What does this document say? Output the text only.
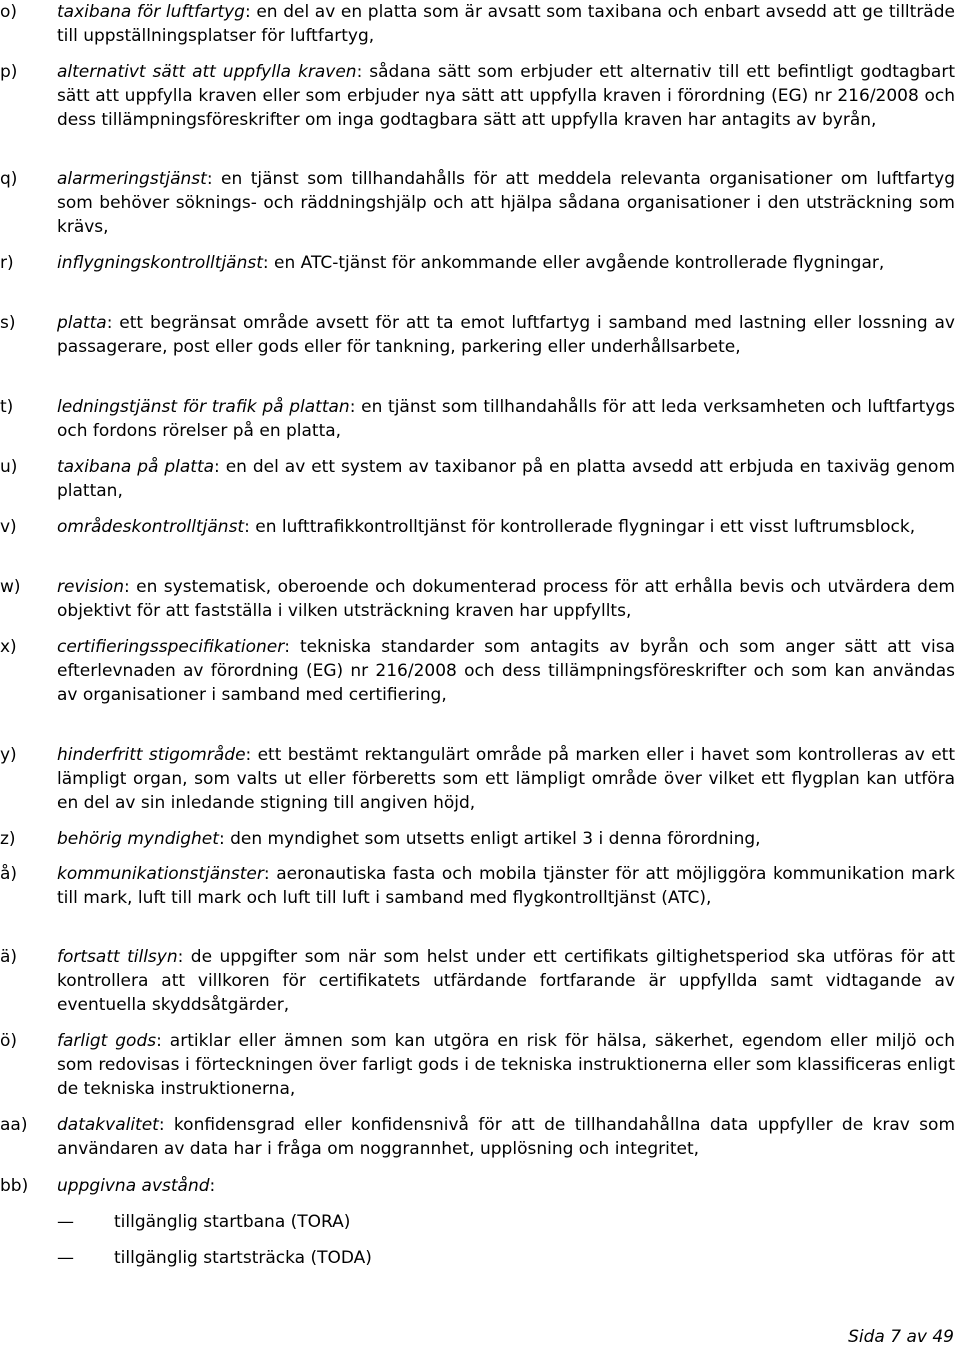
o) taxibana för luftfartyg: en del av en platta som är avsatt som taxibana och enbart avsedd att ge tillträde till uppställningsplatser för luftfartyg,
p) alternativt sätt att uppfylla kraven: sådana sätt som erbjuder ett alternativ till ett befintligt godtagbart sätt att uppfylla kraven eller som erbjuder nya sätt att uppfylla kraven i förordning (EG) nr 216/2008 och dess tillämpningsföreskrifter om inga godtagbara sätt att uppfylla kraven har antagits av byrån,
q) alarmeringstjänst: en tjänst som tillhandahålls för att meddela relevanta organisationer om luftfartyg som behöver söknings- och räddningshjälp och att hjälpa sådana organisationer i den utsträckning som krävs,
r)	inflygningskontrolltjänst: en ATC-tjänst för ankommande eller avgående kontrollerade flygningar,
s) platta: ett begränsat område avsett för att ta emot luftfartyg i samband med lastning eller lossning av passagerare, post eller gods eller för tankning, parkering eller underhållsarbete,
t)	ledningstjänst för trafik på plattan: en tjänst som tillhandahålls för att leda verksamheten och luftfartygs och fordons rörelser på en platta,
u) taxibana på platta: en del av ett system av taxibanor på en platta avsedd att erbjuda en taxiväg genom plattan,
v) områdeskontrolltjänst: en lufttrafikkontrolltjänst för kontrollerade flygningar i ett visst luftrumsblock,
w) revision: en systematisk, oberoende och dokumenterad process för att erhålla bevis och utvärdera dem objektivt för att fastställa i vilken utsträckning kraven har uppfyllts,
x) certifieringsspecifikationer: tekniska standarder som antagits av byrån och som anger sätt att visa efterlevnaden av förordning (EG) nr 216/2008 och dess tillämpningsföreskrifter och som kan användas av organisationer i samband med certifiering,
y) hinderfritt stigområde: ett bestämt rektangulärt område på marken eller i havet som kontrolleras av ett lämpligt organ, som valts ut eller förberetts som ett lämpligt område över vilket ett flygplan kan utföra en del av sin inledande stigning till angiven höjd,
z) behörig myndighet: den myndighet som utsetts enligt artikel 3 i denna förordning,
å) kommunikationstjänster: aeronautiska fasta och mobila tjänster för att möjliggöra kommunikation mark till mark, luft till mark och luft till luft i samband med flygkontrolltjänst (ATC),
ä) fortsatt tillsyn: de uppgifter som när som helst under ett certifikats giltighetsperiod ska utföras för att kontrollera att villkoren för certifikatets utfärdande fortfarande är uppfyllda samt vidtagande av eventuella skyddsåtgärder,
ö) farligt gods: artiklar eller ämnen som kan utgöra en risk för hälsa, säkerhet, egendom eller miljö och som redovisas i förteckningen över farligt gods i de tekniska instruktionerna eller som klassificeras enligt de tekniska instruktionerna,
aa) datakvalitet: konfidensgrad eller konfidensnivå för att de tillhandahållna data uppfyller de krav som användaren av data har i fråga om noggrannhet, upplösning och integritet,
bb) uppgivna avstånd:
— tillgänglig startbana (TORA)
— tillgänglig startsträcka (TODA)
Sida 7 av 49
